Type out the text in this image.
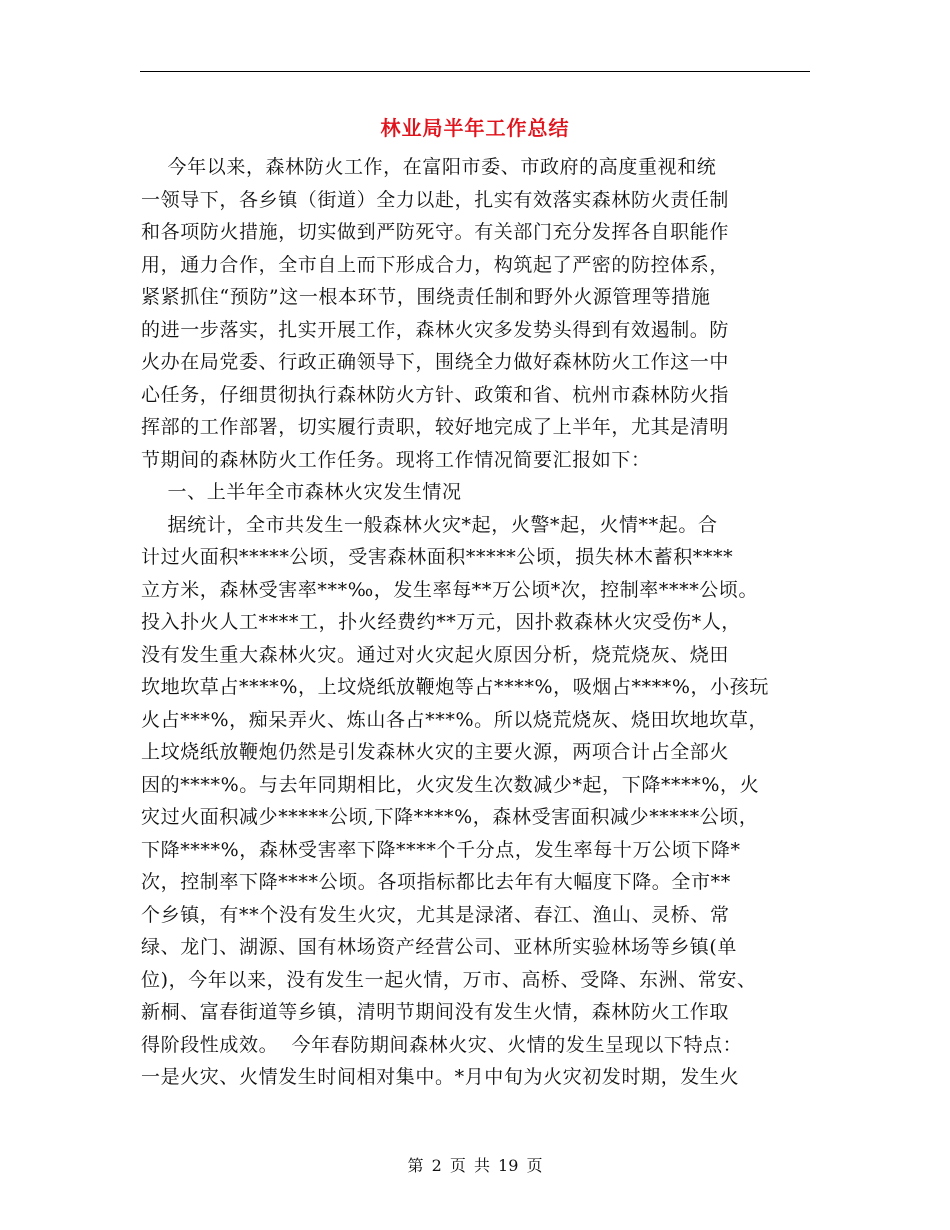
林业局半年工作总结
今年以来，森林防火工作，在富阳市委、市政府的高度重视和统
一领导下，各乡镇（街道）全力以赴，扎实有效落实森林防火责任制
和各项防火措施，切实做到严防死守。有关部门充分发挥各自职能作
用，通力合作，全市自上而下形成合力，构筑起了严密的防控体系，
紧紧抓住“预防”这一根本环节，围绕责任制和野外火源管理等措施
的进一步落实，扎实开展工作，森林火灾多发势头得到有效遏制。防
火办在局党委、行政正确领导下，围绕全力做好森林防火工作这一中
心任务，仔细贯彻执行森林防火方针、政策和省、杭州市森林防火指
挥部的工作部署，切实履行责职，较好地完成了上半年，尤其是清明
节期间的森林防火工作任务。现将工作情况简要汇报如下：
一、上半年全市森林火灾发生情况
据统计，全市共发生一般森林火灾*起，火警*起，火情**起。合
计过火面积*****公顷，受害森林面积*****公顷，损失林木蓄积****
立方米，森林受害率***‰，发生率每**万公顷*次，控制率****公顷。
投入扑火人工****工，扑火经费约**万元，因扑救森林火灾受伤*人，
没有发生重大森林火灾。通过对火灾起火原因分析，烧荒烧灰、烧田
坎地坎草占****%，上坟烧纸放鞭炮等占****%，吸烟占****%，小孩玩
火占***%，痴呆弄火、炼山各占***%。所以烧荒烧灰、烧田坎地坎草，
上坟烧纸放鞭炮仍然是引发森林火灾的主要火源，两项合计占全部火
因的****%。与去年同期相比，火灾发生次数减少*起，下降****%，火
灾过火面积减少*****公顷,下降****%，森林受害面积减少*****公顷，
下降****%，森林受害率下降****个千分点，发生率每十万公顷下降*
次，控制率下降****公顷。各项指标都比去年有大幅度下降。全市**
个乡镇，有**个没有发生火灾，尤其是渌渚、春江、渔山、灵桥、常
绿、龙门、湖源、国有林场资产经营公司、亚林所实验林场等乡镇(单
位)，今年以来，没有发生一起火情，万市、高桥、受降、东洲、常安、
新桐、富春街道等乡镇，清明节期间没有发生火情，森林防火工作取
得阶段性成效。  今年春防期间森林火灾、火情的发生呈现以下特点：
一是火灾、火情发生时间相对集中。*月中旬为火灾初发时期，发生火
第 2 页 共 19 页
